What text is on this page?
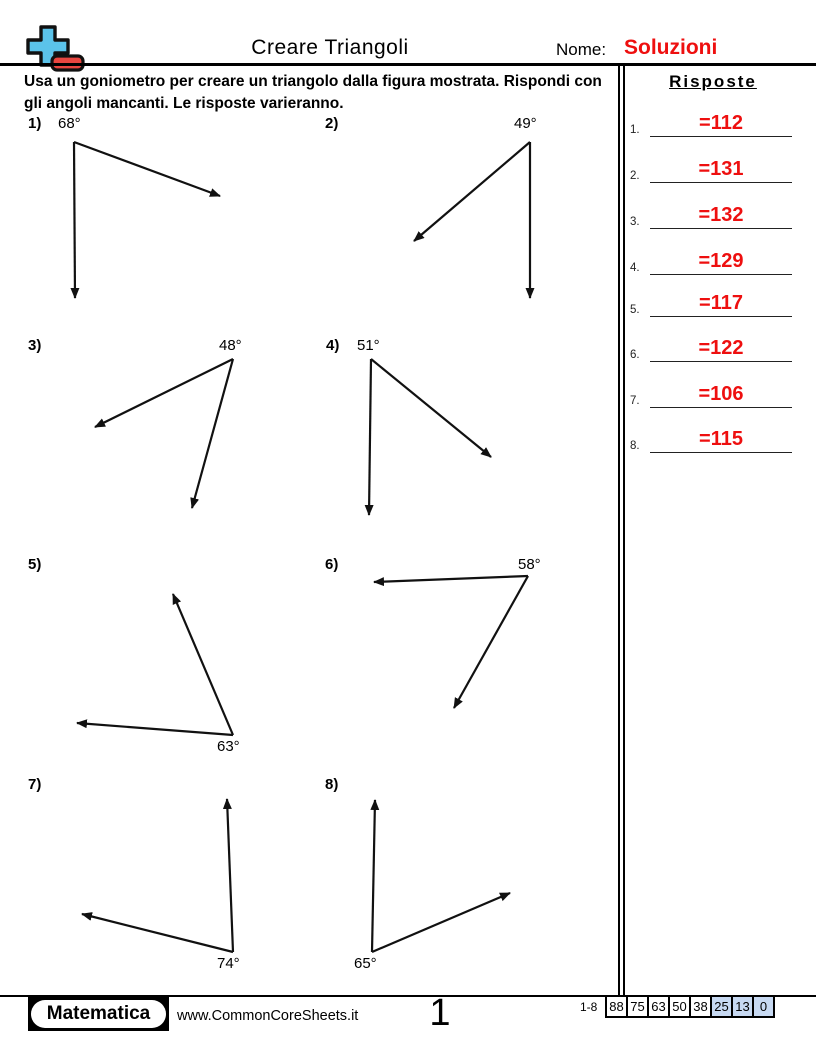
Creare Triangoli	Nome: Soluzioni
Usa un goniometro per creare un triangolo dalla figura mostrata. Rispondi con gli angoli mancanti. Le risposte varieranno.
Risposte
1.	=112
2.	=131
3.	=132
4.	=129
5.	=117
6.	=122
7.	=106
8.	=115
1) 68°	2)	49°
3)	48°	4) 51°
5)
63°
6)	58°
7)
74°
8)
65°
Matematica	www.CommonCoreSheets.it 1	1-8 88 75 63 50 38 25 13 0
